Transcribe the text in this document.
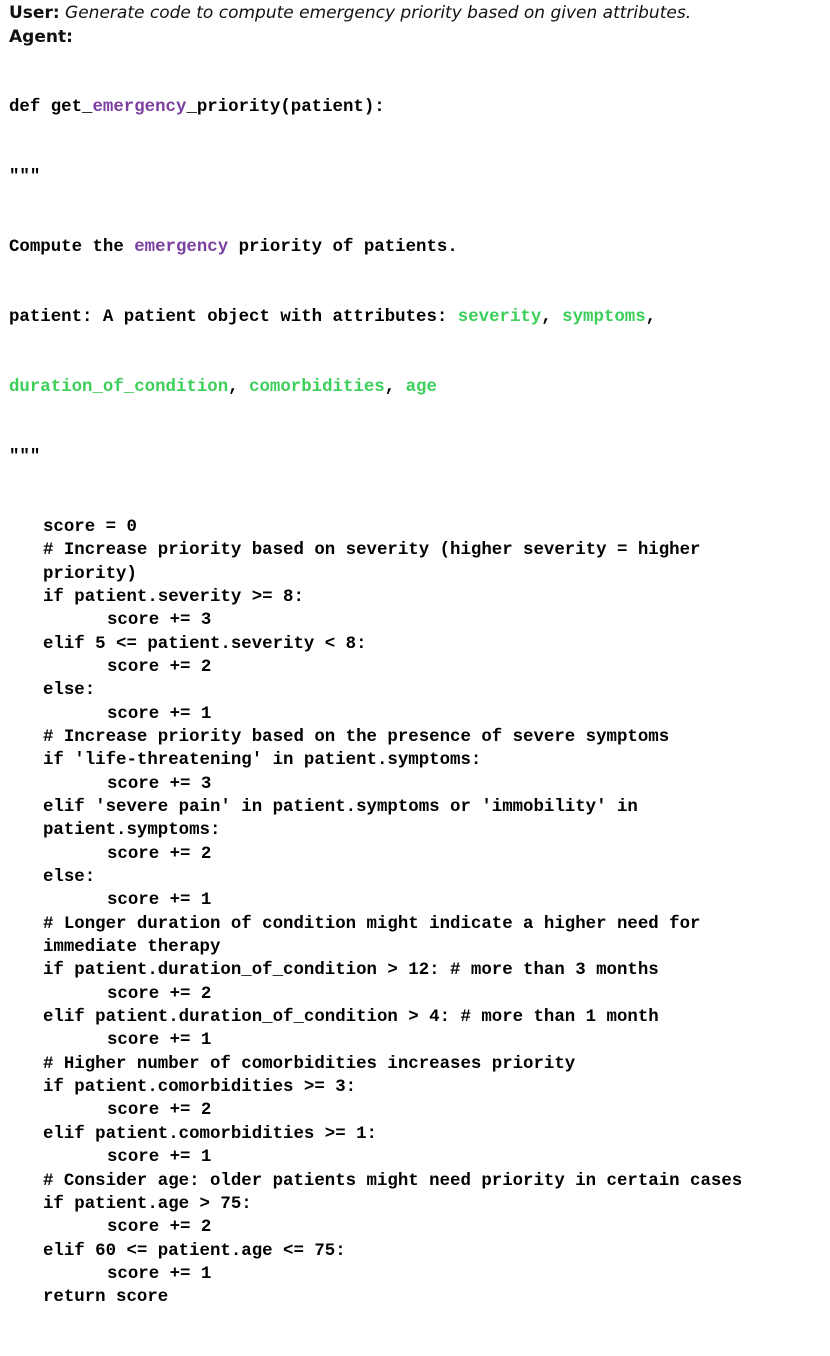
User: Generate code to compute emergency priority based on given attributes.
Agent:

def get_emergency_priority(patient):

"""

Compute the emergency priority of patients.

patient: A patient object with attributes: severity, symptoms,

duration_of_condition, comorbidities, age

"""

score = 0
# Increase priority based on severity (higher severity = higher
priority)
if patient.severity >= 8:
score += 3
elif 5 <= patient.severity < 8:
score += 2
else:
score += 1
# Increase priority based on the presence of severe symptoms
if 'life-threatening' in patient.symptoms:
score += 3
elif 'severe pain' in patient.symptoms or 'immobility' in
patient.symptoms:
score += 2
else:
score += 1
# Longer duration of condition might indicate a higher need for
immediate therapy
if patient.duration_of_condition > 12: # more than 3 months
score += 2
elif patient.duration_of_condition > 4: # more than 1 month
score += 1
# Higher number of comorbidities increases priority
if patient.comorbidities >= 3:
score += 2
elif patient.comorbidities >= 1:
score += 1
# Consider age: older patients might need priority in certain cases
if patient.age > 75:
score += 2
elif 60 <= patient.age <= 75:
score += 1
return score
